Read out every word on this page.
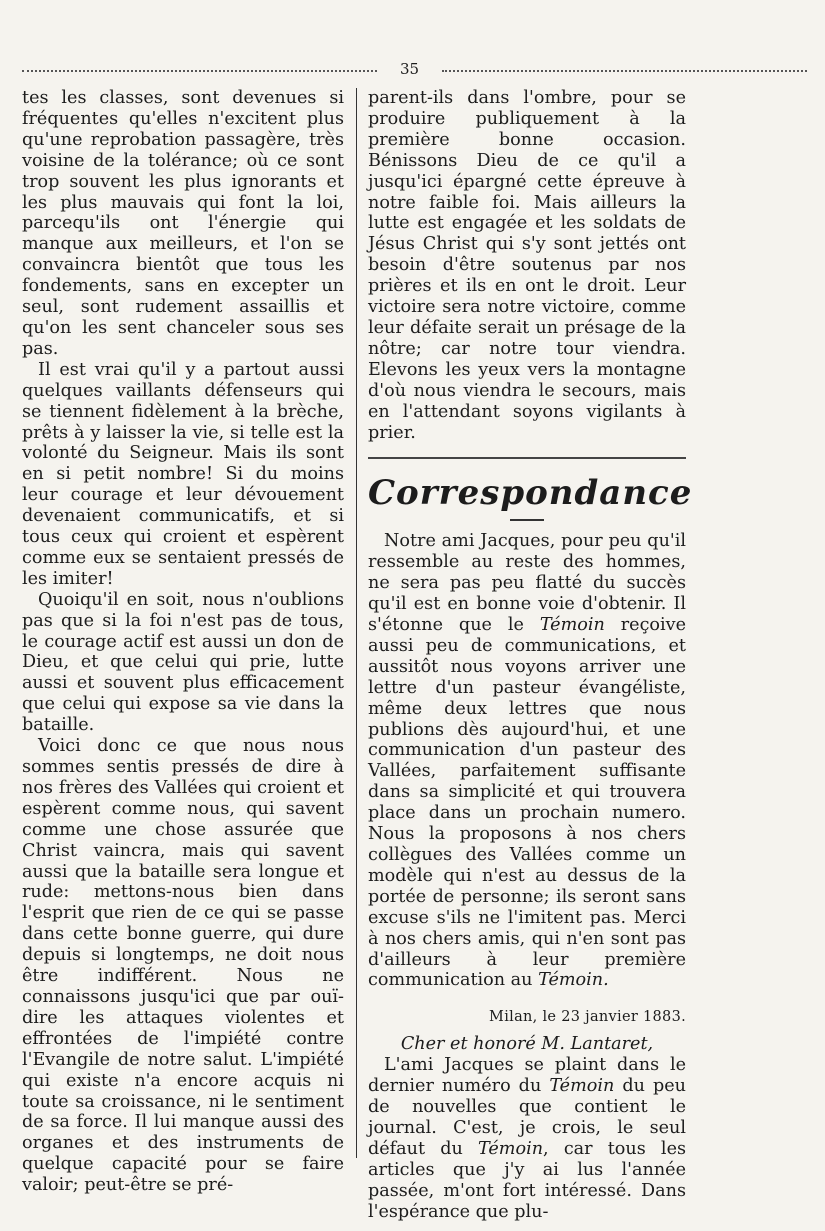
35

tes les classes, sont devenues si fréquentes qu'elles n'excitent plus qu'une reprobation passagère, très voisine de la tolérance; où ce sont trop souvent les plus ignorants et les plus mauvais qui font la loi, parcequ'ils ont l'énergie qui manque aux meilleurs, et l'on se convaincra bientôt que tous les fondements, sans en excepter un seul, sont rudement assaillis et qu'on les sent chanceler sous ses pas.

Il est vrai qu'il y a partout aussi quelques vaillants défenseurs qui se tiennent fidèlement à la brèche, prêts à y laisser la vie, si telle est la volonté du Seigneur. Mais ils sont en si petit nombre! Si du moins leur courage et leur dévouement devenaient communicatifs, et si tous ceux qui croient et espèrent comme eux se sentaient pressés de les imiter!

Quoiqu'il en soit, nous n'oublions pas que si la foi n'est pas de tous, le courage actif est aussi un don de Dieu, et que celui qui prie, lutte aussi et souvent plus efficacement que celui qui expose sa vie dans la bataille.

Voici donc ce que nous nous sommes sentis pressés de dire à nos frères des Vallées qui croient et espèrent comme nous, qui savent comme une chose assurée que Christ vaincra, mais qui savent aussi que la bataille sera longue et rude: mettons-nous bien dans l'esprit que rien de ce qui se passe dans cette bonne guerre, qui dure depuis si longtemps, ne doit nous être indifférent. Nous ne connaissons jusqu'ici que par ouï-dire les attaques violentes et effrontées de l'impiété contre l'Evangile de notre salut. L'impiété qui existe n'a encore acquis ni toute sa croissance, ni le sentiment de sa force. Il lui manque aussi des organes et des instruments de quelque capacité pour se faire valoir; peut-être se pré-

parent-ils dans l'ombre, pour se produire publiquement à la première bonne occasion. Bénissons Dieu de ce qu'il a jusqu'ici épargné cette épreuve à notre faible foi. Mais ailleurs la lutte est engagée et les soldats de Jésus Christ qui s'y sont jettés ont besoin d'être soutenus par nos prières et ils en ont le droit. Leur victoire sera notre victoire, comme leur défaite serait un présage de la nôtre; car notre tour viendra. Elevons les yeux vers la montagne d'où nous viendra le secours, mais en l'attendant soyons vigilants à prier.

Correspondance

Notre ami Jacques, pour peu qu'il ressemble au reste des hommes, ne sera pas peu flatté du succès qu'il est en bonne voie d'obtenir. Il s'étonne que le Témoin reçoive aussi peu de communications, et aussitôt nous voyons arriver une lettre d'un pasteur évangéliste, même deux lettres que nous publions dès aujourd'hui, et une communication d'un pasteur des Vallées, parfaitement suffisante dans sa simplicité et qui trouvera place dans un prochain numero. Nous la proposons à nos chers collègues des Vallées comme un modèle qui n'est au dessus de la portée de personne; ils seront sans excuse s'ils ne l'imitent pas. Merci à nos chers amis, qui n'en sont pas d'ailleurs à leur première communication au Témoin.

Milan, le 23 janvier 1883.
Cher et honoré M. Lantaret,

L'ami Jacques se plaint dans le dernier numéro du Témoin du peu de nouvelles que contient le journal. C'est, je crois, le seul défaut du Témoin, car tous les articles que j'y ai lus l'année passée, m'ont fort intéressé. Dans l'espérance que plu-
